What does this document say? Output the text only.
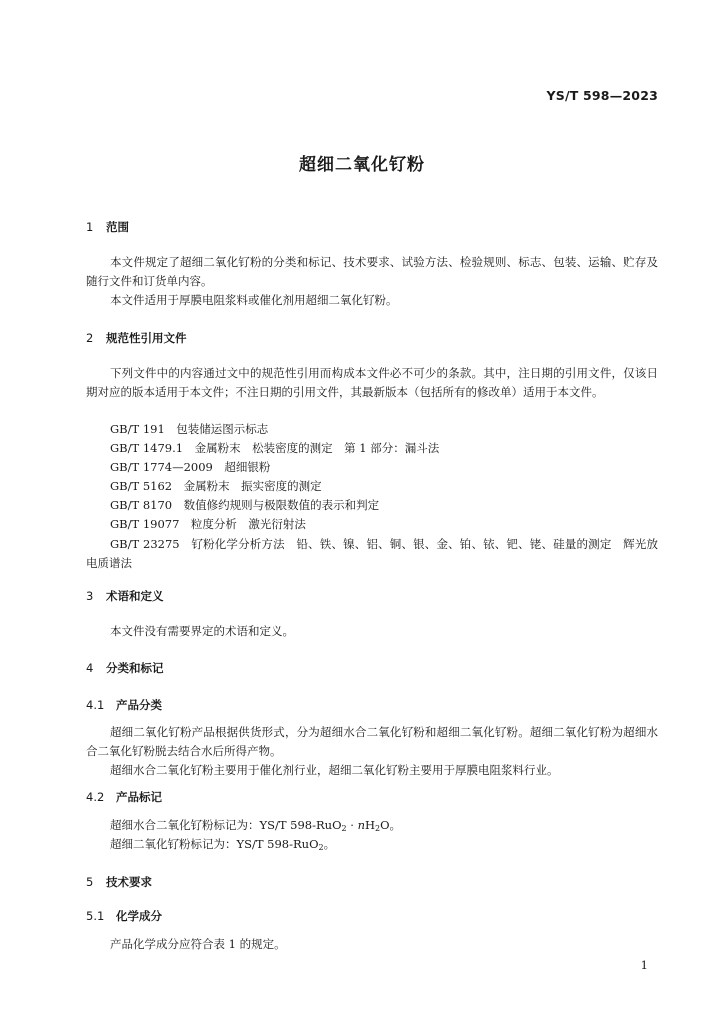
YS/T 598—2023
超细二氧化钌粉
1 范围
本文件规定了超细二氧化钌粉的分类和标记、技术要求、试验方法、检验规则、标志、包装、运输、贮存及随行文件和订货单内容。
本文件适用于厚膜电阻浆料或催化剂用超细二氧化钌粉。
2 规范性引用文件
下列文件中的内容通过文中的规范性引用而构成本文件必不可少的条款。其中，注日期的引用文件，仅该日期对应的版本适用于本文件；不注日期的引用文件，其最新版本（包括所有的修改单）适用于本文件。
GB/T 191　包装储运图示标志
GB/T 1479.1　金属粉末　松装密度的测定　第 1 部分：漏斗法
GB/T 1774—2009　超细银粉
GB/T 5162　金属粉末　振实密度的测定
GB/T 8170　数值修约规则与极限数值的表示和判定
GB/T 19077　粒度分析　激光衍射法
GB/T 23275　钌粉化学分析方法　铅、铁、镍、铝、铜、银、金、铂、铱、钯、铑、硅量的测定　辉光放电质谱法
3 术语和定义
本文件没有需要界定的术语和定义。
4 分类和标记
4.1 产品分类
超细二氧化钌粉产品根据供货形式，分为超细水合二氧化钌粉和超细二氧化钌粉。超细二氧化钌粉为超细水合二氧化钌粉脱去结合水后所得产物。
超细水合二氧化钌粉主要用于催化剂行业，超细二氧化钌粉主要用于厚膜电阻浆料行业。
4.2 产品标记
超细水合二氧化钌粉标记为：YS/T $598-RuO_2 \cdot nH_2O$。
超细二氧化钌粉标记为：YS/T 598-RuO$_2$。
5 技术要求
5.1 化学成分
产品化学成分应符合表 1 的规定。
1
